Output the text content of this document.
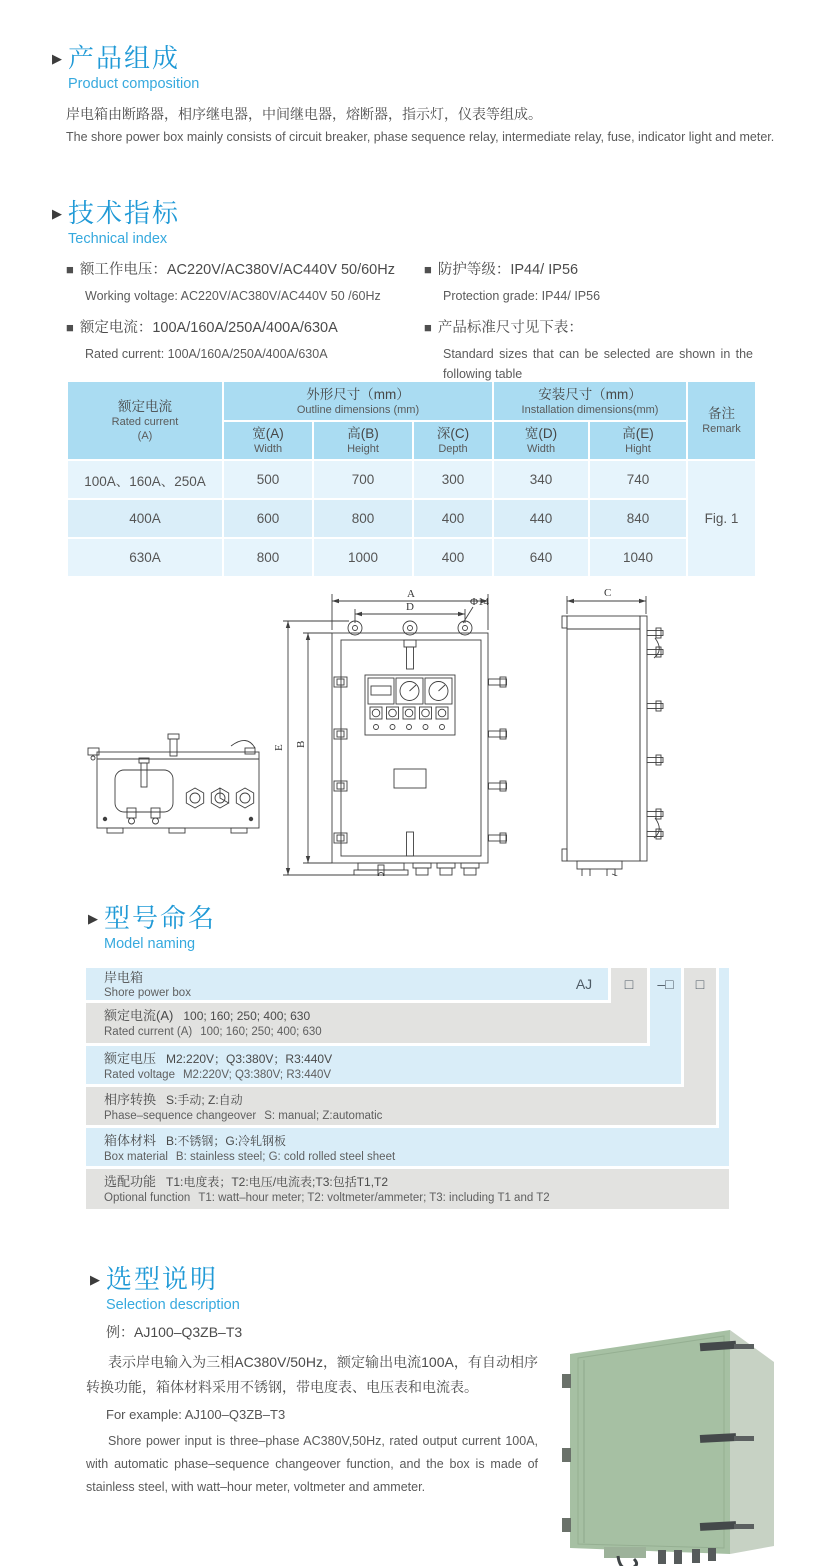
▶ 产品组成
Product composition
岸电箱由断路器，相序继电器，中间继电器，熔断器，指示灯，仪表等组成。
The shore power box mainly consists of circuit breaker, phase sequence relay, intermediate relay, fuse, indicator light and meter.
▶ 技术指标
Technical index
■ 额工作电压：AC220V/AC380V/AC440V 50/60Hz
Working voltage: AC220V/AC380V/AC440V 50 /60Hz
■ 额定电流：100A/160A/250A/400A/630A
Rated current: 100A/160A/250A/400A/630A
■ 防护等级：IP44/ IP56
Protection grade: IP44/ IP56
■ 产品标准尺寸见下表：
Standard sizes that can be selected are shown in the following table
额定电流
Rated current
(A)

外形尺寸（mm）
Outline dimensions (mm)

安装尺寸（mm）
Installation dimensions(mm)	备注
Remark

宽(A)
Width

高(B)
Height

深(C)
Depth

宽(D)
Width

高(E)
Hight

100A、160A、250A	500	700	300	340	740	Fig. 1
400A	600	800	400	440	840	
630A	800	1000	400	640	1040	
A
D	Φ14
E B
C
▶ 型号命名
Model naming
岸电箱
Shore power box
额定电流(A) 100; 160; 250; 400; 630
Rated current (A) 100; 160; 250; 400; 630
额定电压 M2:220V；Q3:380V；R3:440V
Rated voltage M2:220V; Q3:380V; R3:440V
相序转换 S:手动; Z:自动
Phase–sequence changeover S: manual; Z:automatic
箱体材料 B:不锈钢；G:冷轧钢板
Box material B: stainless steel; G: cold rolled steel sheet
选配功能 T1:电度表；T2:电压/电流表;T3:包括T1,T2
Optional function T1: watt–hour meter; T2: voltmeter/ammeter; T3: including T1 and T2
AJ	□	–□	□
▶ 选型说明
Selection description

例：AJ100–Q3ZB–T3

表示岸电输入为三相AC380V/50Hz，额定输出电流100A，有自动相序转换功能，箱体材料采用不锈钢，带电度表、电压表和电流表。

For example: AJ100–Q3ZB–T3

Shore power input is three–phase AC380V,50Hz, rated output current 100A, with automatic phase–sequence changeover function, and the box is made of stainless steel, with watt–hour meter, voltmeter and ammeter.
